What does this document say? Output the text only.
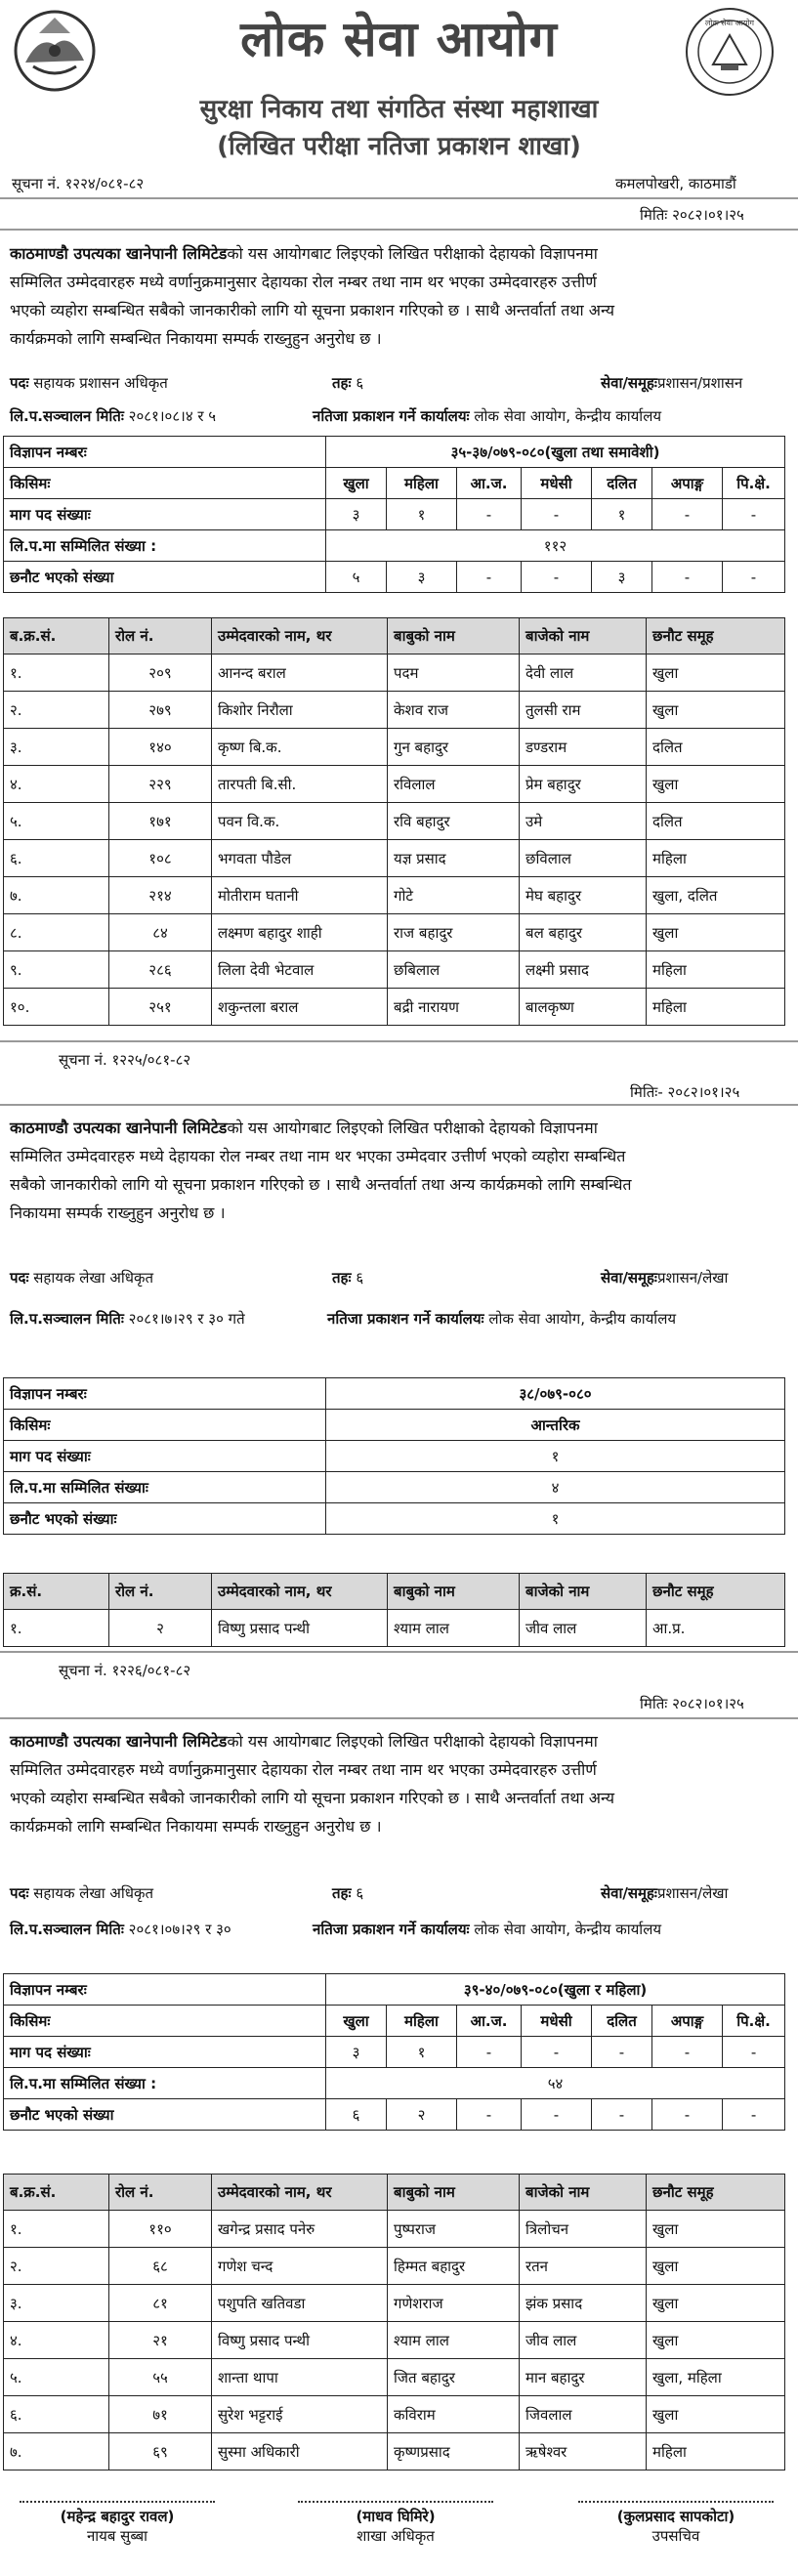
लोक सेवा आयोग	लोक सेवा आयोग
सुरक्षा निकाय तथा संगठित संस्था महाशाखा
(लिखित परीक्षा नतिजा प्रकाशन शाखा)
सूचना नं. १२२४/०८१-८२	कमलपोखरी, काठमाडौं
मितिः २०८२।०१।२५
काठमाण्डौ उपत्यका खानेपानी लिमिटेडको यस आयोगबाट लिइएको लिखित परीक्षाको देहायको विज्ञापनमा
सम्मिलित उम्मेदवारहरु मध्ये वर्णानुक्रमानुसार देहायका रोल नम्बर तथा नाम थर भएका उम्मेदवारहरु उत्तीर्ण
भएको व्यहोरा सम्बन्धित सबैको जानकारीको लागि यो सूचना प्रकाशन गरिएको छ । साथै अन्तर्वार्ता तथा अन्य
कार्यक्रमको लागि सम्बन्धित निकायमा सम्पर्क राख्नुहुन अनुरोध छ ।
पदः सहायक प्रशासन अधिकृत	तहः ६	सेवा/समूहःप्रशासन/प्रशासन
लि.प.सञ्चालन मितिः २०८१।०८।४ र ५	नतिजा प्रकाशन गर्ने कार्यालयः लोक सेवा आयोग, केन्द्रीय कार्यालय
विज्ञापन नम्बरः	३५-३७/०७९-०८०(खुला तथा समावेशी)						
किसिमः	खुला	महिला	आ.ज.	मधेसी	दलित	अपाङ्ग	पि.क्षे.
माग पद संख्याः	३	१	-	-	१	-	-
लि.प.मा सम्मिलित संख्या :	११२						
छनौट भएको संख्या	५	३	-	-	३	-	-
ब.क्र.सं.	रोल नं.	उम्मेदवारको नाम, थर	बाबुको नाम	बाजेको नाम	छनौट समूह
१.	२०९	आनन्द बराल	पदम	देवी लाल	खुला
२.	२७९	किशोर निरौला	केशव राज	तुलसी राम	खुला
३.	१४०	कृष्ण बि.क.	गुन बहादुर	डण्डराम	दलित
४.	२२९	तारपती बि.सी.	रविलाल	प्रेम बहादुर	खुला
५.	१७१	पवन वि.क.	रवि बहादुर	उमे	दलित
६.	१०८	भगवता पौडेल	यज्ञ प्रसाद	छविलाल	महिला
७.	२१४	मोतीराम घतानी	गोटे	मेघ बहादुर	खुला, दलित
८.	८४	लक्ष्मण बहादुर शाही	राज बहादुर	बल बहादुर	खुला
९.	२८६	लिला देवी भेटवाल	छबिलाल	लक्ष्मी प्रसाद	महिला
१०.	२५१	शकुन्तला बराल	बद्री नारायण	बालकृष्ण	महिला
सूचना नं. १२२५/०८१-८२
मितिः- २०८२।०१।२५
काठमाण्डौ उपत्यका खानेपानी लिमिटेडको यस आयोगबाट लिइएको लिखित परीक्षाको देहायको विज्ञापनमा
सम्मिलित उम्मेदवारहरु मध्ये देहायका रोल नम्बर तथा नाम थर भएका उम्मेदवार उत्तीर्ण भएको व्यहोरा सम्बन्धित
सबैको जानकारीको लागि यो सूचना प्रकाशन गरिएको छ । साथै अन्तर्वार्ता तथा अन्य कार्यक्रमको लागि सम्बन्धित
निकायमा सम्पर्क राख्नुहुन अनुरोध छ ।
पदः सहायक लेखा अधिकृत	तहः ६	सेवा/समूहःप्रशासन/लेखा
लि.प.सञ्चालन मितिः २०८१।७।२९ र ३० गते	नतिजा प्रकाशन गर्ने कार्यालयः लोक सेवा आयोग, केन्द्रीय कार्यालय
विज्ञापन नम्बरः	३८/०७९-०८०
किसिमः	आन्तरिक
माग पद संख्याः	१
लि.प.मा सम्मिलित संख्याः	४
छनौट भएको संख्याः	१
क्र.सं.	रोल नं.	उम्मेदवारको नाम, थर	बाबुको नाम	बाजेको नाम	छनौट समूह
१.	२	विष्णु प्रसाद पन्थी	श्याम लाल	जीव लाल	आ.प्र.
सूचना नं. १२२६/०८१-८२
मितिः २०८२।०१।२५
काठमाण्डौ उपत्यका खानेपानी लिमिटेडको यस आयोगबाट लिइएको लिखित परीक्षाको देहायको विज्ञापनमा
सम्मिलित उम्मेदवारहरु मध्ये वर्णानुक्रमानुसार देहायका रोल नम्बर तथा नाम थर भएका उम्मेदवारहरु उत्तीर्ण
भएको व्यहोरा सम्बन्धित सबैको जानकारीको लागि यो सूचना प्रकाशन गरिएको छ । साथै अन्तर्वार्ता तथा अन्य
कार्यक्रमको लागि सम्बन्धित निकायमा सम्पर्क राख्नुहुन अनुरोध छ ।
पदः सहायक लेखा अधिकृत	तहः ६	सेवा/समूहःप्रशासन/लेखा
लि.प.सञ्चालन मितिः २०८१।०७।२९ र ३०	नतिजा प्रकाशन गर्ने कार्यालयः लोक सेवा आयोग, केन्द्रीय कार्यालय
विज्ञापन नम्बरः	३९-४०/०७९-०८०(खुला र महिला)						
किसिमः	खुला	महिला	आ.ज.	मधेसी	दलित	अपाङ्ग	पि.क्षे.
माग पद संख्याः	३	१	-	-	-	-	-
लि.प.मा सम्मिलित संख्या :	५४						
छनौट भएको संख्या	६	२	-	-	-	-	-
ब.क्र.सं.	रोल नं.	उम्मेदवारको नाम, थर	बाबुको नाम	बाजेको नाम	छनौट समूह
१.	११०	खगेन्द्र प्रसाद पनेरु	पुष्पराज	त्रिलोचन	खुला
२.	६८	गणेश चन्द	हिम्मत बहादुर	रतन	खुला
३.	८१	पशुपति खतिवडा	गणेशराज	झंक प्रसाद	खुला
४.	२१	विष्णु प्रसाद पन्थी	श्याम लाल	जीव लाल	खुला
५.	५५	शान्ता थापा	जित बहादुर	मान बहादुर	खुला, महिला
६.	७१	सुरेश भट्टराई	कविराम	जिवलाल	खुला
७.	६९	सुस्मा अधिकारी	कृष्णप्रसाद	ऋषेश्वर	महिला
(महेन्द्र बहादुर रावल)
नायब सुब्बा
(माधव घिमिरे)
शाखा अधिकृत
(कुलप्रसाद सापकोटा)
उपसचिव
